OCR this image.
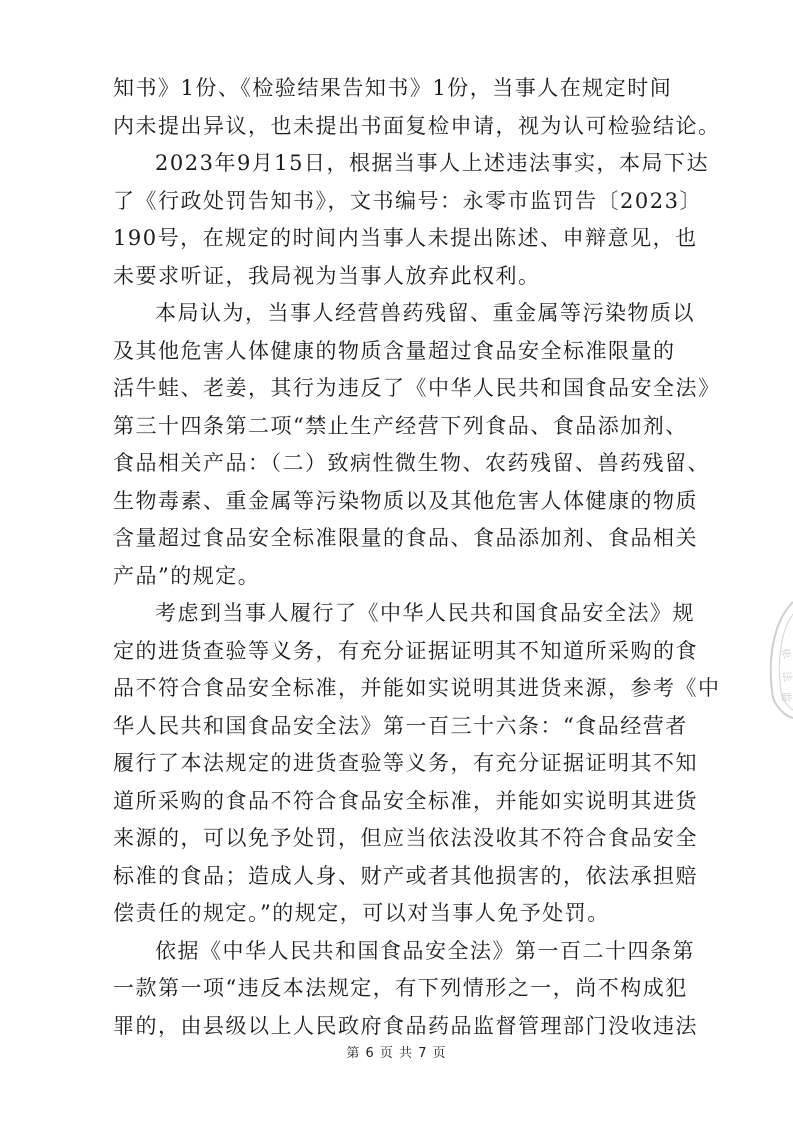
知书》1份、《检验结果告知书》1份，当事人在规定时间
内未提出异议，也未提出书面复检申请，视为认可检验结论。
2023年9月15日，根据当事人上述违法事实，本局下达
了《行政处罚告知书》，文书编号：永零市监罚告〔2023〕
190号，在规定的时间内当事人未提出陈述、申辩意见，也
未要求听证，我局视为当事人放弃此权利。
本局认为，当事人经营兽药残留、重金属等污染物质以
及其他危害人体健康的物质含量超过食品安全标准限量的
活牛蛙、老姜，其行为违反了《中华人民共和国食品安全法》
第三十四条第二项“禁止生产经营下列食品、食品添加剂、
食品相关产品：（二）致病性微生物、农药残留、兽药残留、
生物毒素、重金属等污染物质以及其他危害人体健康的物质
含量超过食品安全标准限量的食品、食品添加剂、食品相关
产品”的规定。
考虑到当事人履行了《中华人民共和国食品安全法》规
定的进货查验等义务，有充分证据证明其不知道所采购的食
品不符合食品安全标准，并能如实说明其进货来源，参考《中
华人民共和国食品安全法》第一百三十六条：“食品经营者
履行了本法规定的进货查验等义务，有充分证据证明其不知
道所采购的食品不符合食品安全标准，并能如实说明其进货
来源的，可以免予处罚，但应当依法没收其不符合食品安全
标准的食品；造成人身、财产或者其他损害的，依法承担赔
偿责任的规定。”的规定，可以对当事人免予处罚。
依据《中华人民共和国食品安全法》第一百二十四条第
一款第一项“违反本法规定，有下列情形之一，尚不构成犯
罪的，由县级以上人民政府食品药品监督管理部门没收违法
依
法
监
第 6 页 共 7 页
